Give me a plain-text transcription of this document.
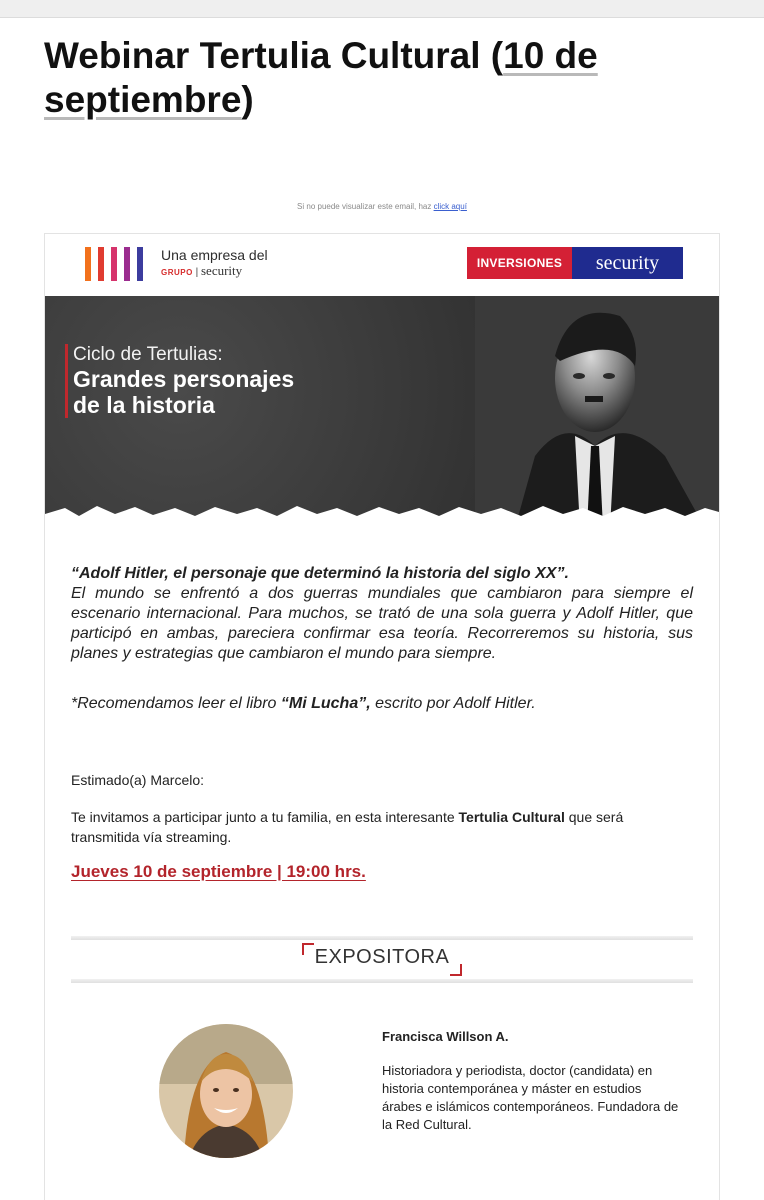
Webinar Tertulia Cultural (10 de
septiembre)
Si no puede visualizar este email, haz click aquí
Una empresa del
GRUPO | security	INVERSIONES	security
Ciclo de Tertulias:
Grandes personajes
de la historia
“Adolf Hitler, el personaje que determinó la historia del siglo XX”.
El mundo se enfrentó a dos guerras mundiales que cambiaron para siempre el escenario internacional. Para muchos, se trató de una sola guerra y Adolf Hitler, que participó en ambas, pareciera confirmar esa teoría. Recorreremos su historia, sus planes y estrategias que cambiaron el mundo para siempre.
*Recomendamos leer el libro “Mi Lucha”, escrito por Adolf Hitler.
Estimado(a) Marcelo:
Te invitamos a participar junto a tu familia, en esta interesante Tertulia Cultural que será transmitida vía streaming.
Jueves 10 de septiembre | 19:00 hrs.
EXPOSITORA
Francisca Willson A.
Historiadora y periodista, doctor (candidata) en historia contemporánea y máster en estudios árabes e islámicos contemporáneos. Fundadora de la Red Cultural.
